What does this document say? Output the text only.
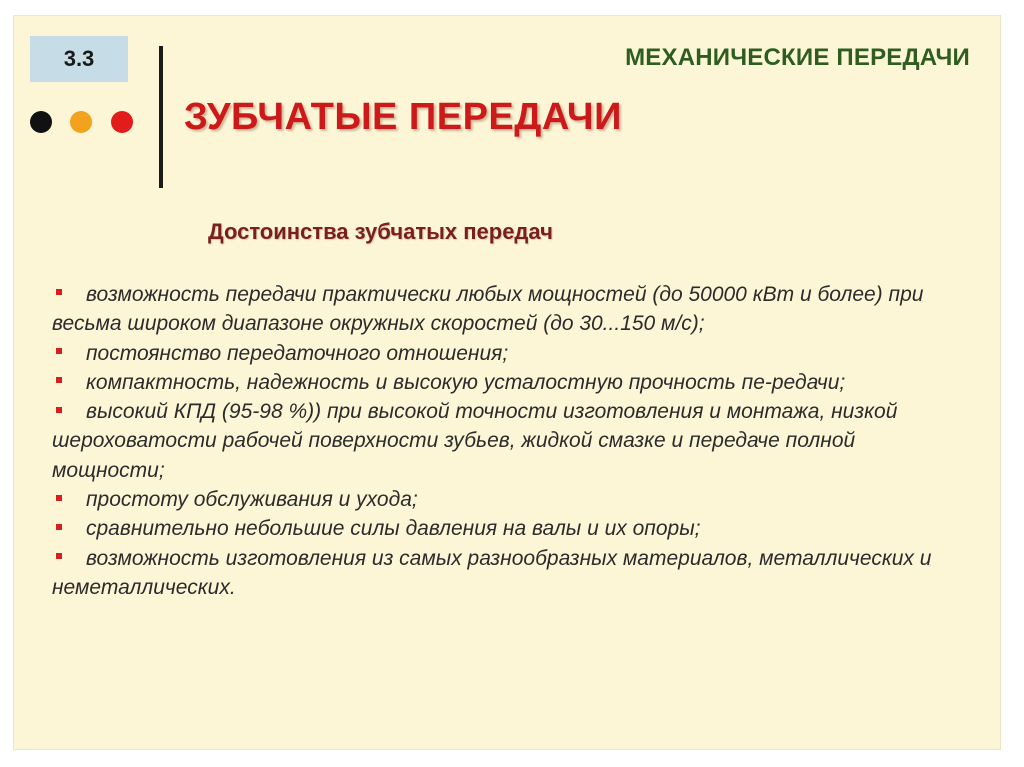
3.3	МЕХАНИЧЕСКИЕ ПЕРЕДАЧИ
ЗУБЧАТЫЕ ПЕРЕДАЧИ
Достоинства зубчатых передач
возможность передачи практически любых мощностей (до 50000 кВт и более) при весьма широком диапазоне окружных скоростей (до 30...150 м/с);
постоянство передаточного отношения;
компактность, надежность и высокую усталостную прочность пе-редачи;
высокий КПД (95-98 %)) при высокой точности изготовления и монтажа, низкой шероховатости рабочей поверхности зубьев, жидкой смазке и передаче полной мощности;
простоту обслуживания и ухода;
сравнительно небольшие силы давления на валы и их опоры;
возможность изготовления из самых разнообразных материалов, металлических и неметаллических.
